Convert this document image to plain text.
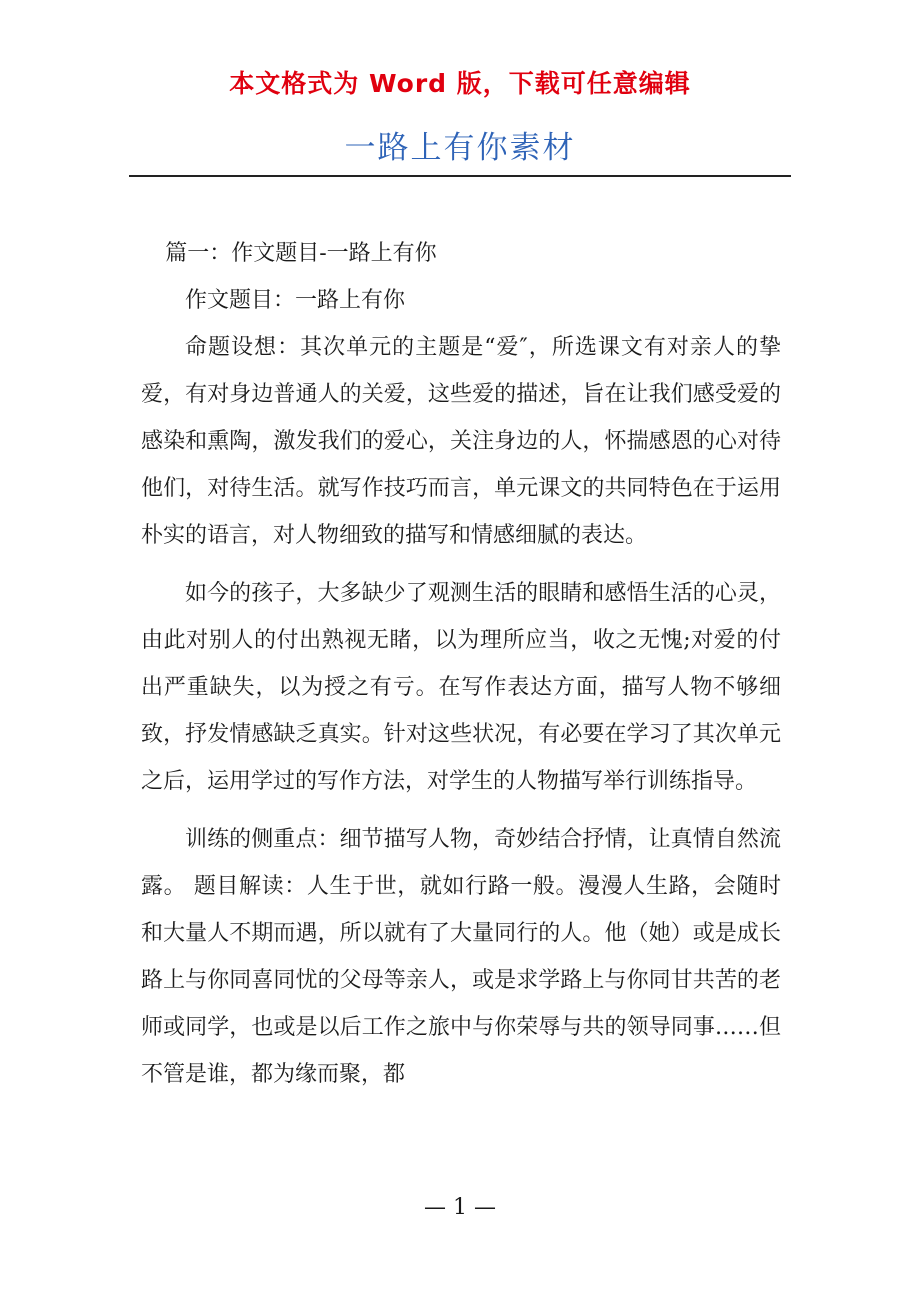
本文格式为 Word 版，下载可任意编辑
一路上有你素材

篇一：作文题目-一路上有你

作文题目：一路上有你

命题设想：其次单元的主题是“爱″，所选课文有对亲人的挚爱，有对身边普通人的关爱，这些爱的描述，旨在让我们感受爱的感染和熏陶，激发我们的爱心，关注身边的人，怀揣感恩的心对待他们，对待生活。就写作技巧而言，单元课文的共同特色在于运用朴实的语言，对人物细致的描写和情感细腻的表达。

如今的孩子，大多缺少了观测生活的眼睛和感悟生活的心灵，由此对别人的付出熟视无睹，以为理所应当，收之无愧;对爱的付出严重缺失，以为授之有亏。在写作表达方面，描写人物不够细致，抒发情感缺乏真实。针对这些状况，有必要在学习了其次单元之后，运用学过的写作方法，对学生的人物描写举行训练指导。

训练的侧重点：细节描写人物，奇妙结合抒情，让真情自然流露。 题目解读：人生于世，就如行路一般。漫漫人生路，会随时和大量人不期而遇，所以就有了大量同行的人。他（她）或是成长路上与你同喜同忧的父母等亲人，或是求学路上与你同甘共苦的老师或同学，也或是以后工作之旅中与你荣辱与共的领导同事……但不管是谁，都为缘而聚，都

— 1 —
